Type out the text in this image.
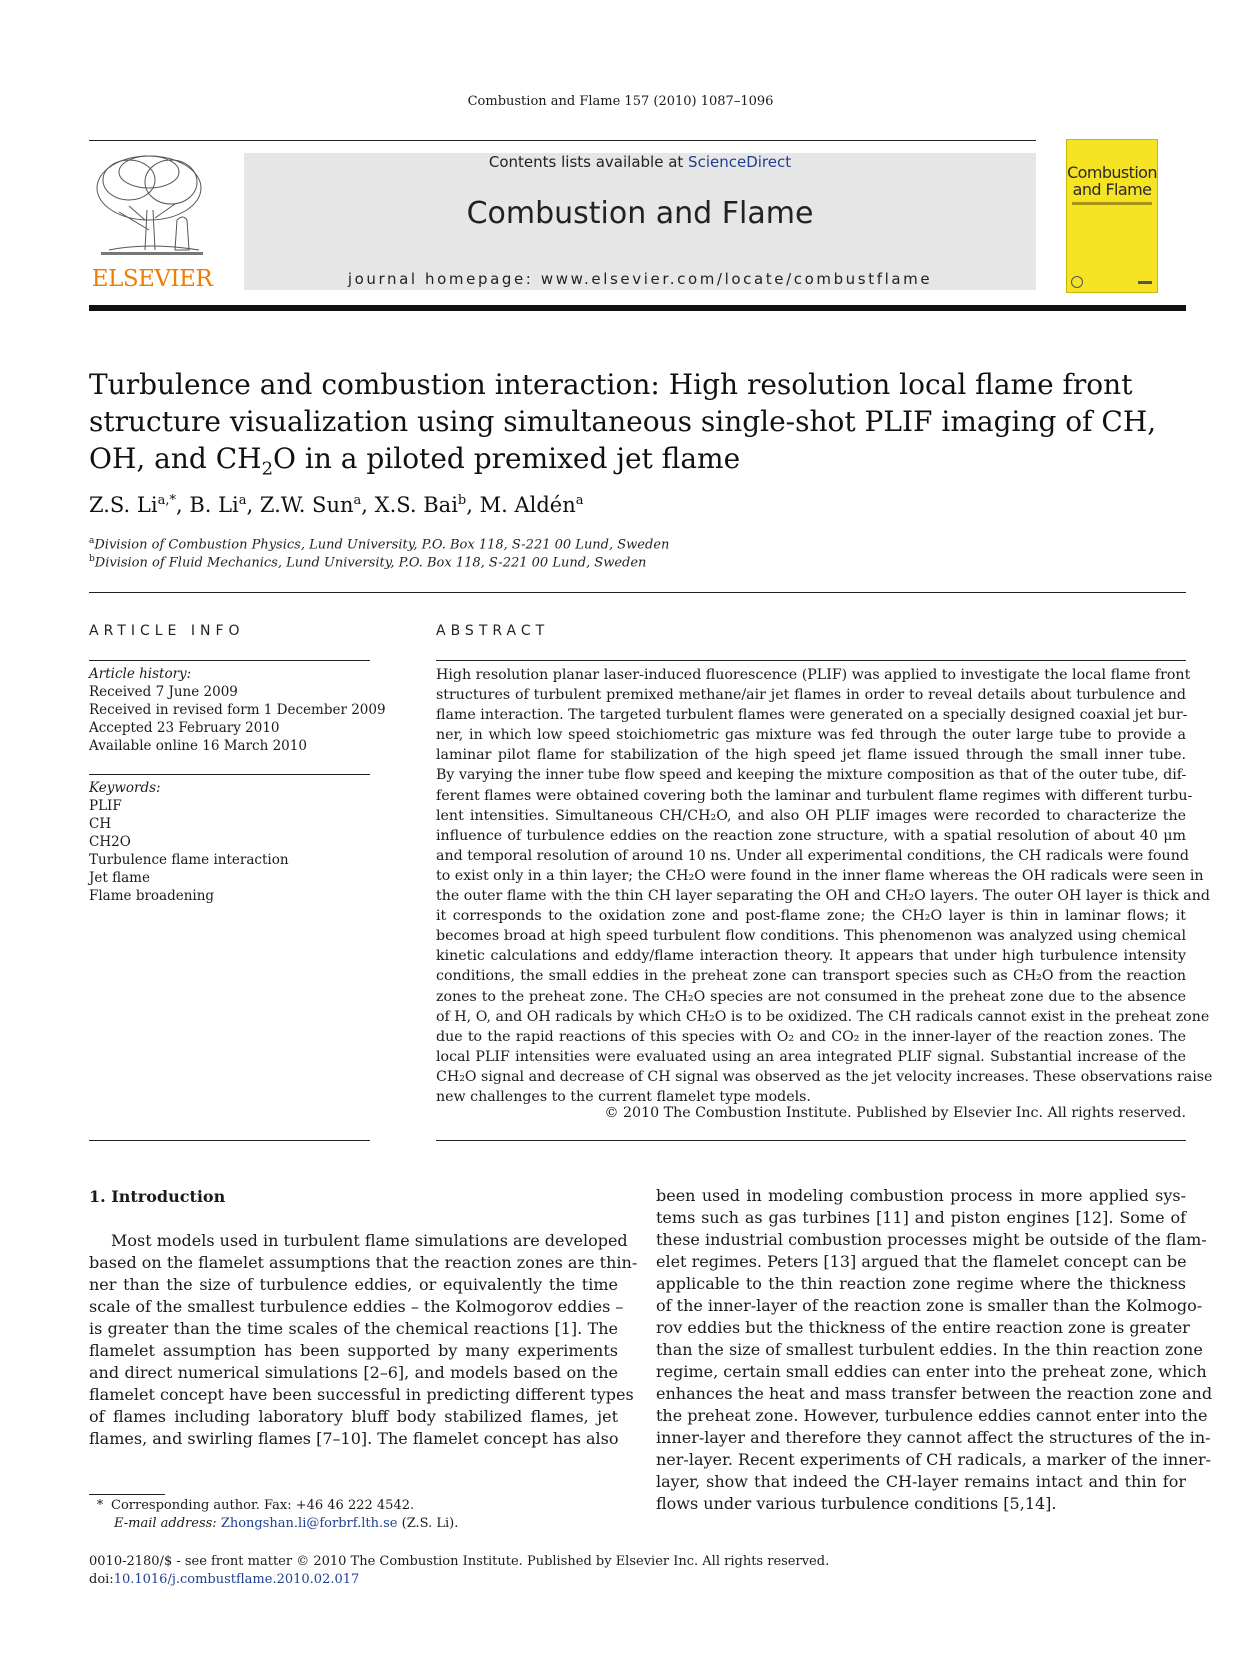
Combustion and Flame 157 (2010) 1087–1096
ELSEVIER
Contents lists available at ScienceDirect
Combustion and Flame
journal homepage: www.elsevier.com/locate/combustflame
Combustion
and Flame
Turbulence and combustion interaction: High resolution local flame front
structure visualization using simultaneous single-shot PLIF imaging of CH,
OH, and $CH_2O$ in a piloted premixed jet flame
Z.S. $Li^{a,*}$, B. Li$^a$, Z.W. Sun$^a$, X.S. Bai$^b$, M. Aldén$^a$
$^a$Division of Combustion Physics, Lund University, P.O. Box 118, S-221 00 Lund, Sweden
$^b$Division of Fluid Mechanics, Lund University, P.O. Box 118, S-221 00 Lund, Sweden
ARTICLE INFO	ABSTRACT
Article history:
Received 7 June 2009
Received in revised form 1 December 2009
Accepted 23 February 2010
Available online 16 March 2010
Keywords:
PLIF
CH
CH2O
Turbulence flame interaction
Jet flame
Flame broadening
High resolution planar laser-induced fluorescence (PLIF) was applied to investigate the local flame front
structures of turbulent premixed methane/air jet flames in order to reveal details about turbulence and
flame interaction. The targeted turbulent flames were generated on a specially designed coaxial jet bur-
ner, in which low speed stoichiometric gas mixture was fed through the outer large tube to provide a
laminar pilot flame for stabilization of the high speed jet flame issued through the small inner tube.
By varying the inner tube flow speed and keeping the mixture composition as that of the outer tube, dif-
ferent flames were obtained covering both the laminar and turbulent flame regimes with different turbu-
lent intensities. Simultaneous CH/CH₂O, and also OH PLIF images were recorded to characterize the
influence of turbulence eddies on the reaction zone structure, with a spatial resolution of about 40 μm
and temporal resolution of around 10 ns. Under all experimental conditions, the CH radicals were found
to exist only in a thin layer; the CH₂O were found in the inner flame whereas the OH radicals were seen in
the outer flame with the thin CH layer separating the OH and CH₂O layers. The outer OH layer is thick and
it corresponds to the oxidation zone and post-flame zone; the CH₂O layer is thin in laminar flows; it
becomes broad at high speed turbulent flow conditions. This phenomenon was analyzed using chemical
kinetic calculations and eddy/flame interaction theory. It appears that under high turbulence intensity
conditions, the small eddies in the preheat zone can transport species such as CH₂O from the reaction
zones to the preheat zone. The CH₂O species are not consumed in the preheat zone due to the absence
of H, O, and OH radicals by which CH₂O is to be oxidized. The CH radicals cannot exist in the preheat zone
due to the rapid reactions of this species with O₂ and CO₂ in the inner-layer of the reaction zones. The
local PLIF intensities were evaluated using an area integrated PLIF signal. Substantial increase of the
CH₂O signal and decrease of CH signal was observed as the jet velocity increases. These observations raise
new challenges to the current flamelet type models.
© 2010 The Combustion Institute. Published by Elsevier Inc. All rights reserved.
1. Introduction
Most models used in turbulent flame simulations are developed
based on the flamelet assumptions that the reaction zones are thin-
ner than the size of turbulence eddies, or equivalently the time
scale of the smallest turbulence eddies – the Kolmogorov eddies –
is greater than the time scales of the chemical reactions [1]. The
flamelet assumption has been supported by many experiments
and direct numerical simulations [2–6], and models based on the
flamelet concept have been successful in predicting different types
of flames including laboratory bluff body stabilized flames, jet
flames, and swirling flames [7–10]. The flamelet concept has also
been used in modeling combustion process in more applied sys-
tems such as gas turbines [11] and piston engines [12]. Some of
these industrial combustion processes might be outside of the flam-
elet regimes. Peters [13] argued that the flamelet concept can be
applicable to the thin reaction zone regime where the thickness
of the inner-layer of the reaction zone is smaller than the Kolmogo-
rov eddies but the thickness of the entire reaction zone is greater
than the size of smallest turbulent eddies. In the thin reaction zone
regime, certain small eddies can enter into the preheat zone, which
enhances the heat and mass transfer between the reaction zone and
the preheat zone. However, turbulence eddies cannot enter into the
inner-layer and therefore they cannot affect the structures of the in-
ner-layer. Recent experiments of CH radicals, a marker of the inner-
layer, show that indeed the CH-layer remains intact and thin for
flows under various turbulence conditions [5,14].
* Corresponding author. Fax: +46 46 222 4542.
E-mail address: Zhongshan.li@forbrf.lth.se (Z.S. Li).
0010-2180/$ - see front matter © 2010 The Combustion Institute. Published by Elsevier Inc. All rights reserved.
doi:10.1016/j.combustflame.2010.02.017
